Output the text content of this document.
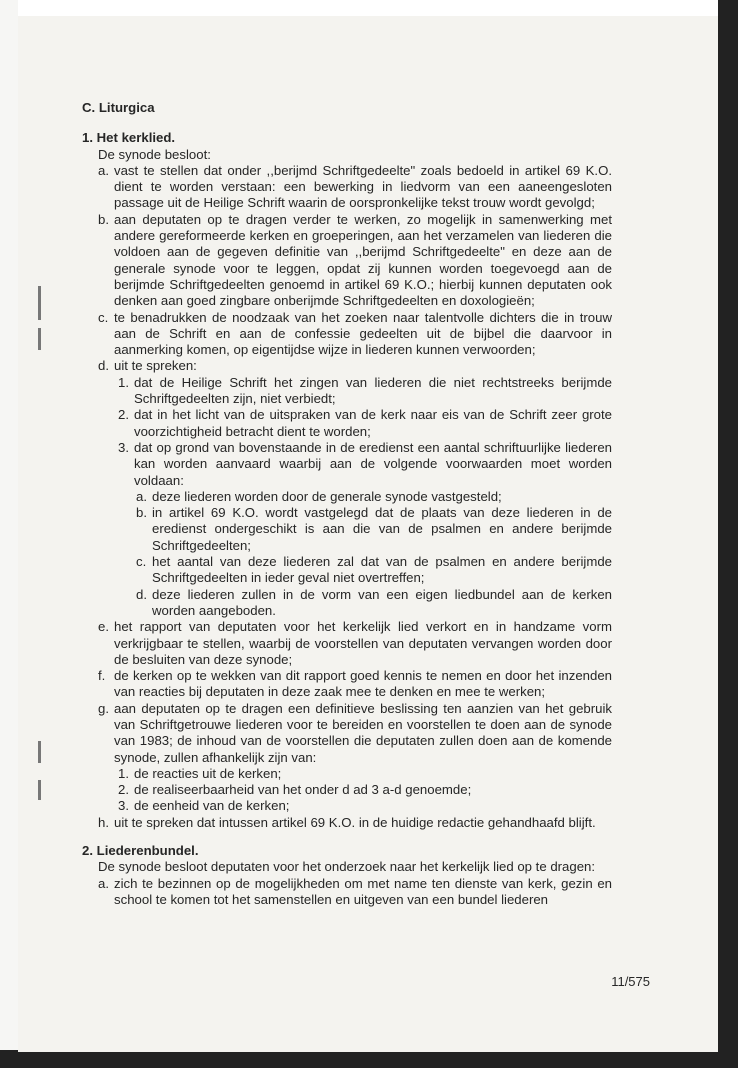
C. Liturgica

1. Het kerklied.

De synode besloot:

a. vast te stellen dat onder ,,berijmd Schriftgedeelte" zoals bedoeld in artikel 69 K.O. dient te worden verstaan: een bewerking in liedvorm van een aaneengesloten passage uit de Heilige Schrift waarin de oorspronkelijke tekst trouw wordt gevolgd;
b. aan deputaten op te dragen verder te werken, zo mogelijk in samenwerking met andere gereformeerde kerken en groeperingen, aan het verzamelen van liederen die voldoen aan de gegeven definitie van ,,berijmd Schriftgedeelte" en deze aan de generale synode voor te leggen, opdat zij kunnen worden toegevoegd aan de berijmde Schriftgedeelten genoemd in artikel 69 K.O.; hierbij kunnen deputaten ook denken aan goed zingbare onberijmde Schriftgedeelten en doxologieën;
c. te benadrukken de noodzaak van het zoeken naar talentvolle dichters die in trouw aan de Schrift en aan de confessie gedeelten uit de bijbel die daarvoor in aanmerking komen, op eigentijdse wijze in liederen kunnen verwoorden;
d. uit te spreken:
1. dat de Heilige Schrift het zingen van liederen die niet rechtstreeks berijmde Schriftgedeelten zijn, niet verbiedt;
2. dat in het licht van de uitspraken van de kerk naar eis van de Schrift zeer grote voorzichtigheid betracht dient te worden;
3. dat op grond van bovenstaande in de eredienst een aantal schriftuurlijke liederen kan worden aanvaard waarbij aan de volgende voorwaarden moet worden voldaan:
a. deze liederen worden door de generale synode vastgesteld;
b. in artikel 69 K.O. wordt vastgelegd dat de plaats van deze liederen in de eredienst ondergeschikt is aan die van de psalmen en andere berijmde Schriftgedeelten;
c. het aantal van deze liederen zal dat van de psalmen en andere berijmde Schriftgedeelten in ieder geval niet overtreffen;
d. deze liederen zullen in de vorm van een eigen liedbundel aan de kerken worden aangeboden.
e. het rapport van deputaten voor het kerkelijk lied verkort en in handzame vorm verkrijgbaar te stellen, waarbij de voorstellen van deputaten vervangen worden door de besluiten van deze synode;
f. de kerken op te wekken van dit rapport goed kennis te nemen en door het inzenden van reacties bij deputaten in deze zaak mee te denken en mee te werken;
g. aan deputaten op te dragen een definitieve beslissing ten aanzien van het gebruik van Schriftgetrouwe liederen voor te bereiden en voorstellen te doen aan de synode van 1983; de inhoud van de voorstellen die deputaten zullen doen aan de komende synode, zullen afhankelijk zijn van:
1. de reacties uit de kerken;
2. de realiseerbaarheid van het onder d ad 3 a-d genoemde;
3. de eenheid van de kerken;
h. uit te spreken dat intussen artikel 69 K.O. in de huidige redactie gehandhaafd blijft.

2. Liederenbundel.

De synode besloot deputaten voor het onderzoek naar het kerkelijk lied op te dragen:

a. zich te bezinnen op de mogelijkheden om met name ten dienste van kerk, gezin en school te komen tot het samenstellen en uitgeven van een bundel liederen
11/575
